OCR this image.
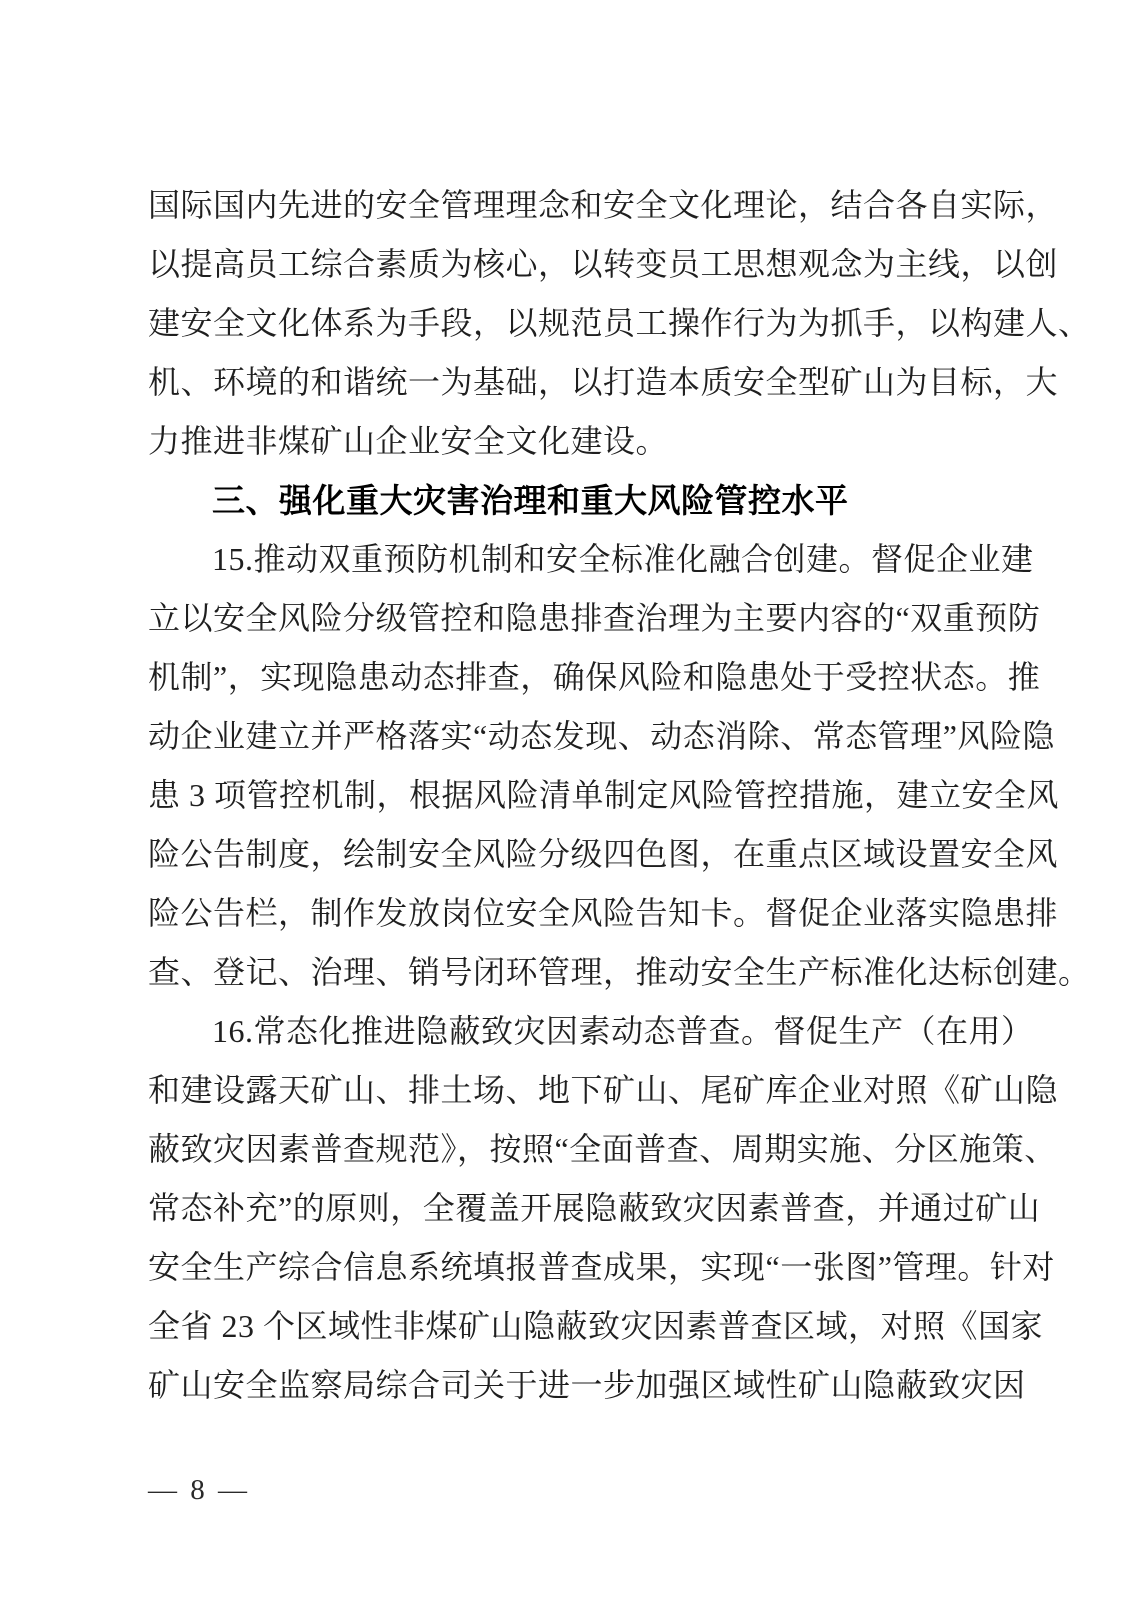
国际国内先进的安全管理理念和安全文化理论，结合各自实际，
以提高员工综合素质为核心，以转变员工思想观念为主线，以创
建安全文化体系为手段，以规范员工操作行为为抓手，以构建人、
机、环境的和谐统一为基础，以打造本质安全型矿山为目标，大
力推进非煤矿山企业安全文化建设。
三、强化重大灾害治理和重大风险管控水平
15.推动双重预防机制和安全标准化融合创建。督促企业建
立以安全风险分级管控和隐患排查治理为主要内容的“双重预防
机制”，实现隐患动态排查，确保风险和隐患处于受控状态。推
动企业建立并严格落实“动态发现、动态消除、常态管理”风险隐
患 3 项管控机制，根据风险清单制定风险管控措施，建立安全风
险公告制度，绘制安全风险分级四色图，在重点区域设置安全风
险公告栏，制作发放岗位安全风险告知卡。督促企业落实隐患排
查、登记、治理、销号闭环管理，推动安全生产标准化达标创建。
16.常态化推进隐蔽致灾因素动态普查。督促生产（在用）
和建设露天矿山、排土场、地下矿山、尾矿库企业对照《矿山隐
蔽致灾因素普查规范》，按照“全面普查、周期实施、分区施策、
常态补充”的原则，全覆盖开展隐蔽致灾因素普查，并通过矿山
安全生产综合信息系统填报普查成果，实现“一张图”管理。针对
全省 23 个区域性非煤矿山隐蔽致灾因素普查区域，对照《国家
矿山安全监察局综合司关于进一步加强区域性矿山隐蔽致灾因
— 8 —
